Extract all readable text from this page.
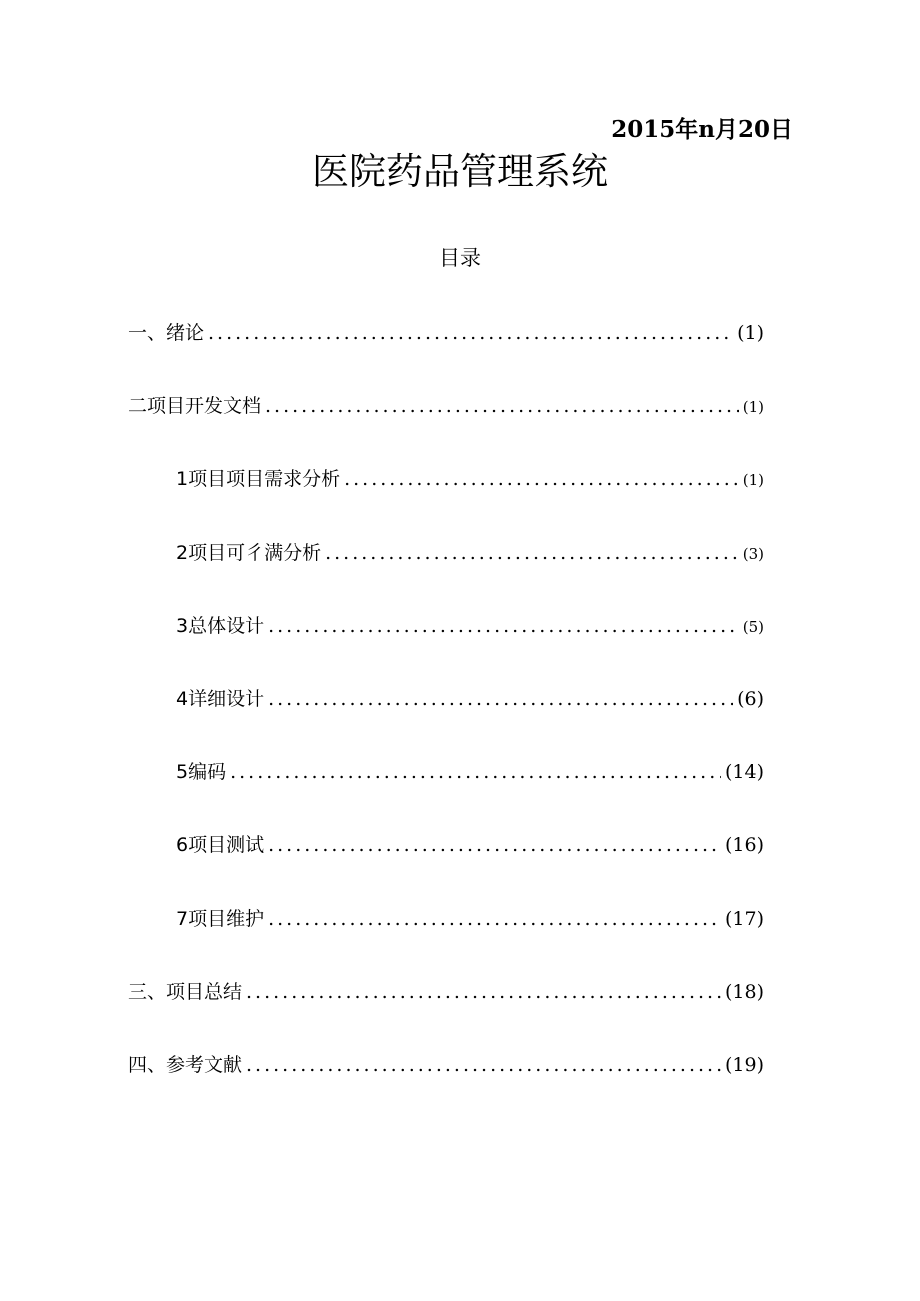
2015年n月20日
医院药品管理系统
目录
一、绪论 .....	(1)
二项目开发文档 .....	(1)
1项目项目需求分析 .....	(1)
2项目可彳满分析 .....	(3)
3总体设计 .....	(5)
4详细设计 .....	(6)
5编码 .....	(14)
6项目测试 .....	(16)
7项目维护 .....	(17)
三、项目总结 .....	(18)
四、参考文献 .....	(19)
